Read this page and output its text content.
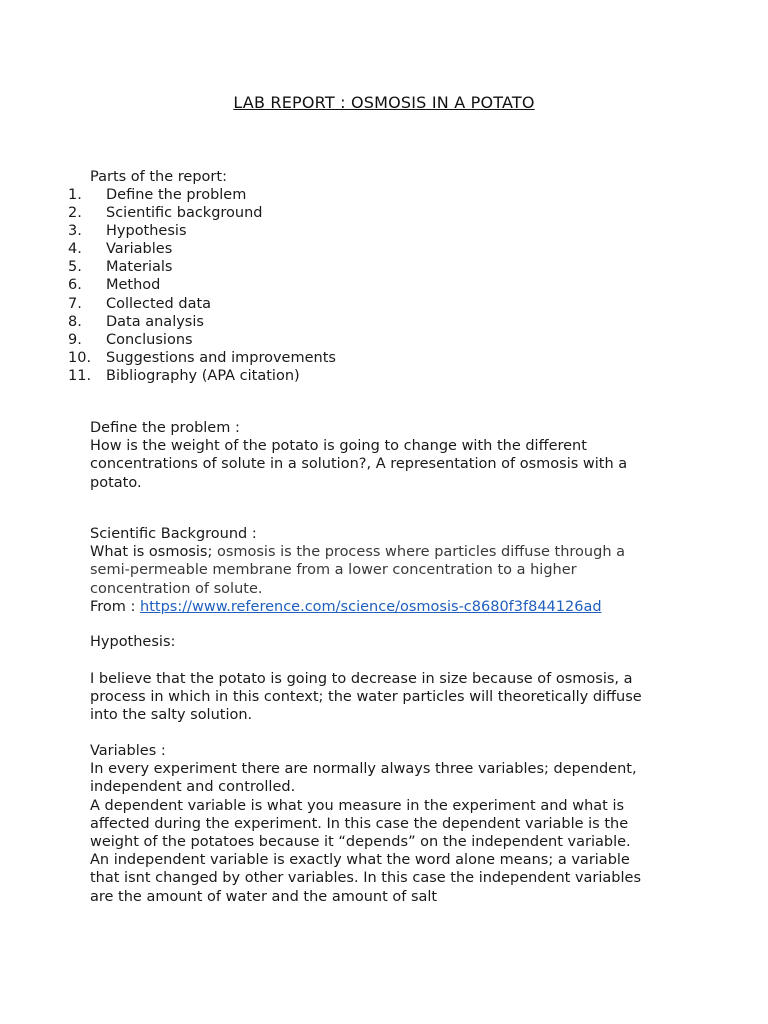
LAB REPORT : OSMOSIS IN A POTATO

Parts of the report:

1. Define the problem
2. Scientific background
3. Hypothesis
4. Variables
5. Materials
6. Method
7. Collected data
8. Data analysis
9. Conclusions
10. Suggestions and improvements
11. Bibliography (APA citation)

Define the problem :

How is the weight of the potato is going to change with the different

concentrations of solute in a solution?, A representation of osmosis with a

potato.

Scientific Background :

What is osmosis; osmosis is the process where particles diffuse through a

semi-permeable membrane from a lower concentration to a higher

concentration of solute.

From : https://www.reference.com/science/osmosis-c8680f3f844126ad

Hypothesis:

I believe that the potato is going to decrease in size because of osmosis, a

process in which in this context; the water particles will theoretically diffuse

into the salty solution.

Variables :

In every experiment there are normally always three variables; dependent,

independent and controlled.

A dependent variable is what you measure in the experiment and what is

affected during the experiment. In this case the dependent variable is the

weight of the potatoes because it “depends” on the independent variable.

An independent variable is exactly what the word alone means; a variable

that isnt changed by other variables. In this case the independent variables

are the amount of water and the amount of salt
